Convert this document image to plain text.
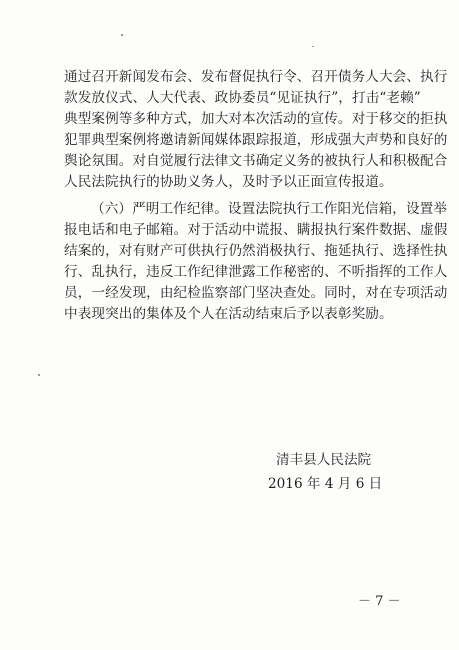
通过召开新闻发布会、发布督促执行令、召开债务人大会、执行
款发放仪式、人大代表、政协委员“见证执行”，打击“老赖”
典型案例等多种方式，加大对本次活动的宣传。对于移交的拒执
犯罪典型案例将邀请新闻媒体跟踪报道，形成强大声势和良好的
舆论氛围。对自觉履行法律文书确定义务的被执行人和积极配合
人民法院执行的协助义务人，及时予以正面宣传报道。
（六）严明工作纪律。设置法院执行工作阳光信箱，设置举
报电话和电子邮箱。对于活动中谎报、瞒报执行案件数据、虚假
结案的，对有财产可供执行仍然消极执行、拖延执行、选择性执
行、乱执行，违反工作纪律泄露工作秘密的、不听指挥的工作人
员，一经发现，由纪检监察部门坚决查处。同时，对在专项活动
中表现突出的集体及个人在活动结束后予以表彰奖励。
清丰县人民法院
2016 年 4 月 6 日
－ 7 －
